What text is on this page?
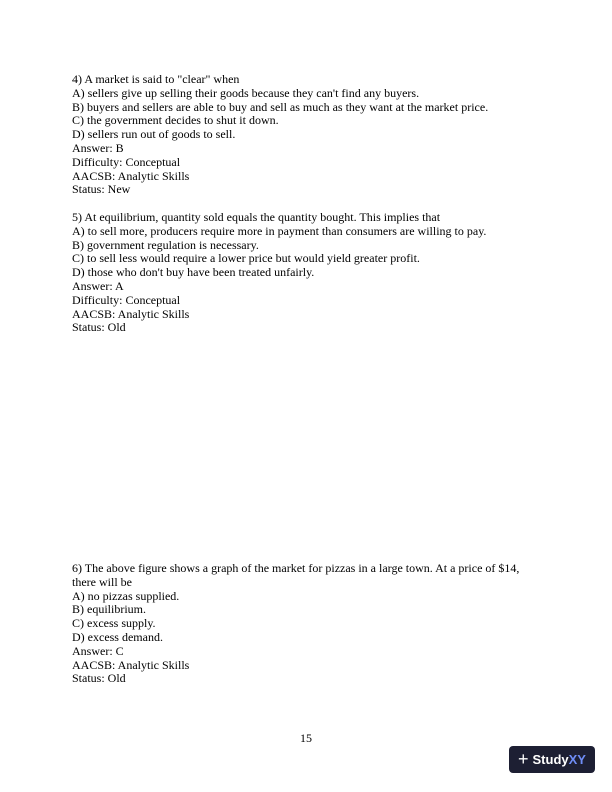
4) A market is said to "clear" when
A) sellers give up selling their goods because they can't find any buyers.
B) buyers and sellers are able to buy and sell as much as they want at the market price.
C) the government decides to shut it down.
D) sellers run out of goods to sell.
Answer: B
Difficulty: Conceptual
AACSB: Analytic Skills
Status: New
5) At equilibrium, quantity sold equals the quantity bought. This implies that
A) to sell more, producers require more in payment than consumers are willing to pay.
B) government regulation is necessary.
C) to sell less would require a lower price but would yield greater profit.
D) those who don't buy have been treated unfairly.
Answer: A
Difficulty: Conceptual
AACSB: Analytic Skills
Status: Old
6) The above figure shows a graph of the market for pizzas in a large town. At a price of $14, there will be
A) no pizzas supplied.
B) equilibrium.
C) excess supply.
D) excess demand.
Answer: C
AACSB: Analytic Skills
Status: Old
15
+ StudyXY
